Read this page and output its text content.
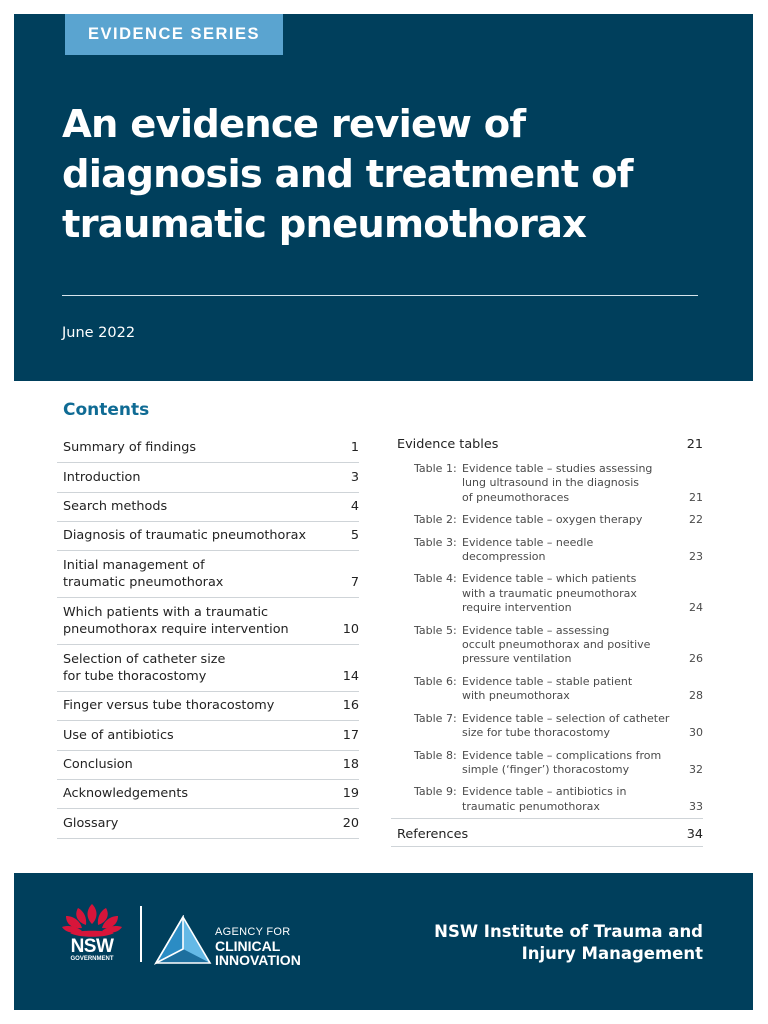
EVIDENCE SERIES
An evidence review of diagnosis and treatment of traumatic pneumothorax
June 2022
Contents
Summary of findings	1
Introduction	3
Search methods	4
Diagnosis of traumatic pneumothorax	5
Initial management of
traumatic pneumothorax	7
Which patients with a traumatic
pneumothorax require intervention	10
Selection of catheter size
for tube thoracostomy	14
Finger versus tube thoracostomy	16
Use of antibiotics	17
Conclusion	18
Acknowledgements	19
Glossary	20
Evidence tables	21
Table 1: Evidence table – studies assessing
lung ultrasound in the diagnosis
of pneumothoraces	21
Table 2: Evidence table – oxygen therapy	22
Table 3: Evidence table – needle decompression	23
Table 4: Evidence table – which patients
with a traumatic pneumothorax
require intervention	24
Table 5: Evidence table – assessing
occult pneumothorax and positive
pressure ventilation	26
Table 6: Evidence table – stable patient
with pneumothorax	28
Table 7: Evidence table – selection of catheter
size for tube thoracostomy	30
Table 8: Evidence table – complications from
simple (‘finger’) thoracostomy	32
Table 9: Evidence table – antibiotics in
traumatic penumothorax	33
References	34
NSW
GOVERNMENT
AGENCY FOR
CLINICAL
INNOVATION
NSW Institute of Trauma and Injury Management
